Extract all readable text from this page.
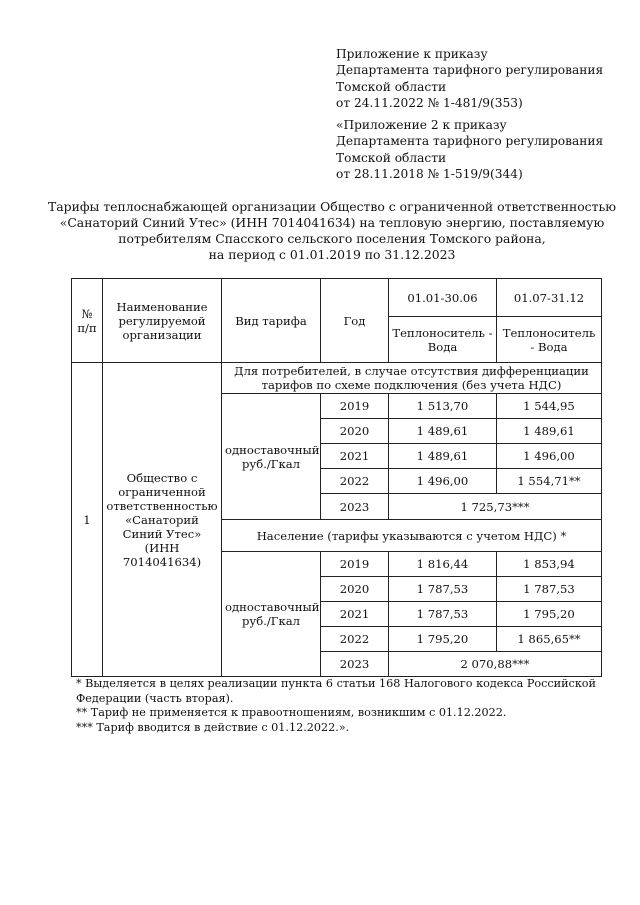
Приложение к приказу
Департамента тарифного регулирования
Томской области
от 24.11.2022 № 1-481/9(353)
«Приложение 2 к приказу
Департамента тарифного регулирования
Томской области
от 28.11.2018 № 1-519/9(344)
Тарифы теплоснабжающей организации Общество с ограниченной ответственностью
«Санаторий Синий Утес» (ИНН 7014041634) на тепловую энергию, поставляемую
потребителям Спасского сельского поселения Томского района,
на период с 01.01.2019 по 31.12.2023
№ п/п	Наименование регулируемой организации	Вид тарифа	Год	01.01-30.06	01.07-31.12
				Теплоноситель - Вода	Теплоноситель - Вода
1	Общество с ограниченной ответственностью «Санаторий Синий Утес» (ИНН 7014041634)	Для потребителей, в случае отсутствия дифференциации тарифов по схеме подключения (без учета НДС)			
		одноставочный руб./Гкал	2019	1 513,70	1 544,95
			2020	1 489,61	1 489,61
			2021	1 489,61	1 496,00
			2022	1 496,00	1 554,71**
			2023	1 725,73***	
		Население (тарифы указываются с учетом НДС) *			
		одноставочный руб./Гкал	2019	1 816,44	1 853,94
			2020	1 787,53	1 787,53
			2021	1 787,53	1 795,20
			2022	1 795,20	1 865,65**
			2023	2 070,88***	

* Выделяется в целях реализации пункта 6 статьи 168 Налогового кодекса Российской Федерации (часть вторая).

** Тариф не применяется к правоотношениям, возникшим с 01.12.2022.

*** Тариф вводится в действие с 01.12.2022.».
